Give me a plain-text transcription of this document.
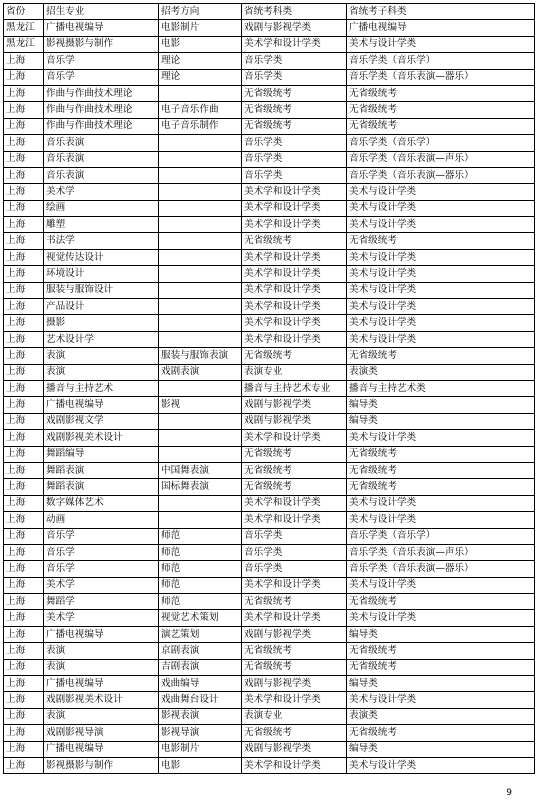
省份	招生专业	招考方向	省统考科类	省统考子科类
黑龙江	广播电视编导	电影制片	戏剧与影视学类	广播电视编导
黑龙江	影视摄影与制作	电影	美术学和设计学类	美术与设计学类
上海	音乐学	理论	音乐学类	音乐学类（音乐学）
上海	音乐学	理论	音乐学类	音乐学类（音乐表演—器乐）
上海	作曲与作曲技术理论		无省级统考	无省级统考
上海	作曲与作曲技术理论	电子音乐作曲	无省级统考	无省级统考
上海	作曲与作曲技术理论	电子音乐制作	无省级统考	无省级统考
上海	音乐表演		音乐学类	音乐学类（音乐学）
上海	音乐表演		音乐学类	音乐学类（音乐表演—声乐）
上海	音乐表演		音乐学类	音乐学类（音乐表演—器乐）
上海	美术学		美术学和设计学类	美术与设计学类
上海	绘画		美术学和设计学类	美术与设计学类
上海	雕塑		美术学和设计学类	美术与设计学类
上海	书法学		无省级统考	无省级统考
上海	视觉传达设计		美术学和设计学类	美术与设计学类
上海	环境设计		美术学和设计学类	美术与设计学类
上海	服装与服饰设计		美术学和设计学类	美术与设计学类
上海	产品设计		美术学和设计学类	美术与设计学类
上海	摄影		美术学和设计学类	美术与设计学类
上海	艺术设计学		美术学和设计学类	美术与设计学类
上海	表演	服装与服饰表演	无省级统考	无省级统考
上海	表演	戏剧表演	表演专业	表演类
上海	播音与主持艺术		播音与主持艺术专业	播音与主持艺术类
上海	广播电视编导	影视	戏剧与影视学类	编导类
上海	戏剧影视文学		戏剧与影视学类	编导类
上海	戏剧影视美术设计		美术学和设计学类	美术与设计学类
上海	舞蹈编导		无省级统考	无省级统考
上海	舞蹈表演	中国舞表演	无省级统考	无省级统考
上海	舞蹈表演	国标舞表演	无省级统考	无省级统考
上海	数字媒体艺术		美术学和设计学类	美术与设计学类
上海	动画		美术学和设计学类	美术与设计学类
上海	音乐学	师范	音乐学类	音乐学类（音乐学）
上海	音乐学	师范	音乐学类	音乐学类（音乐表演—声乐）
上海	音乐学	师范	音乐学类	音乐学类（音乐表演—器乐）
上海	美术学	师范	美术学和设计学类	美术与设计学类
上海	舞蹈学	师范	无省级统考	无省级统考
上海	美术学	视觉艺术策划	美术学和设计学类	美术与设计学类
上海	广播电视编导	演艺策划	戏剧与影视学类	编导类
上海	表演	京剧表演	无省级统考	无省级统考
上海	表演	吉剧表演	无省级统考	无省级统考
上海	广播电视编导	戏曲编导	戏剧与影视学类	编导类
上海	戏剧影视美术设计	戏曲舞台设计	美术学和设计学类	美术与设计学类
上海	表演	影视表演	表演专业	表演类
上海	戏剧影视导演	影视导演	无省级统考	无省级统考
上海	广播电视编导	电影制片	戏剧与影视学类	编导类
上海	影视摄影与制作	电影	美术学和设计学类	美术与设计学类
9
